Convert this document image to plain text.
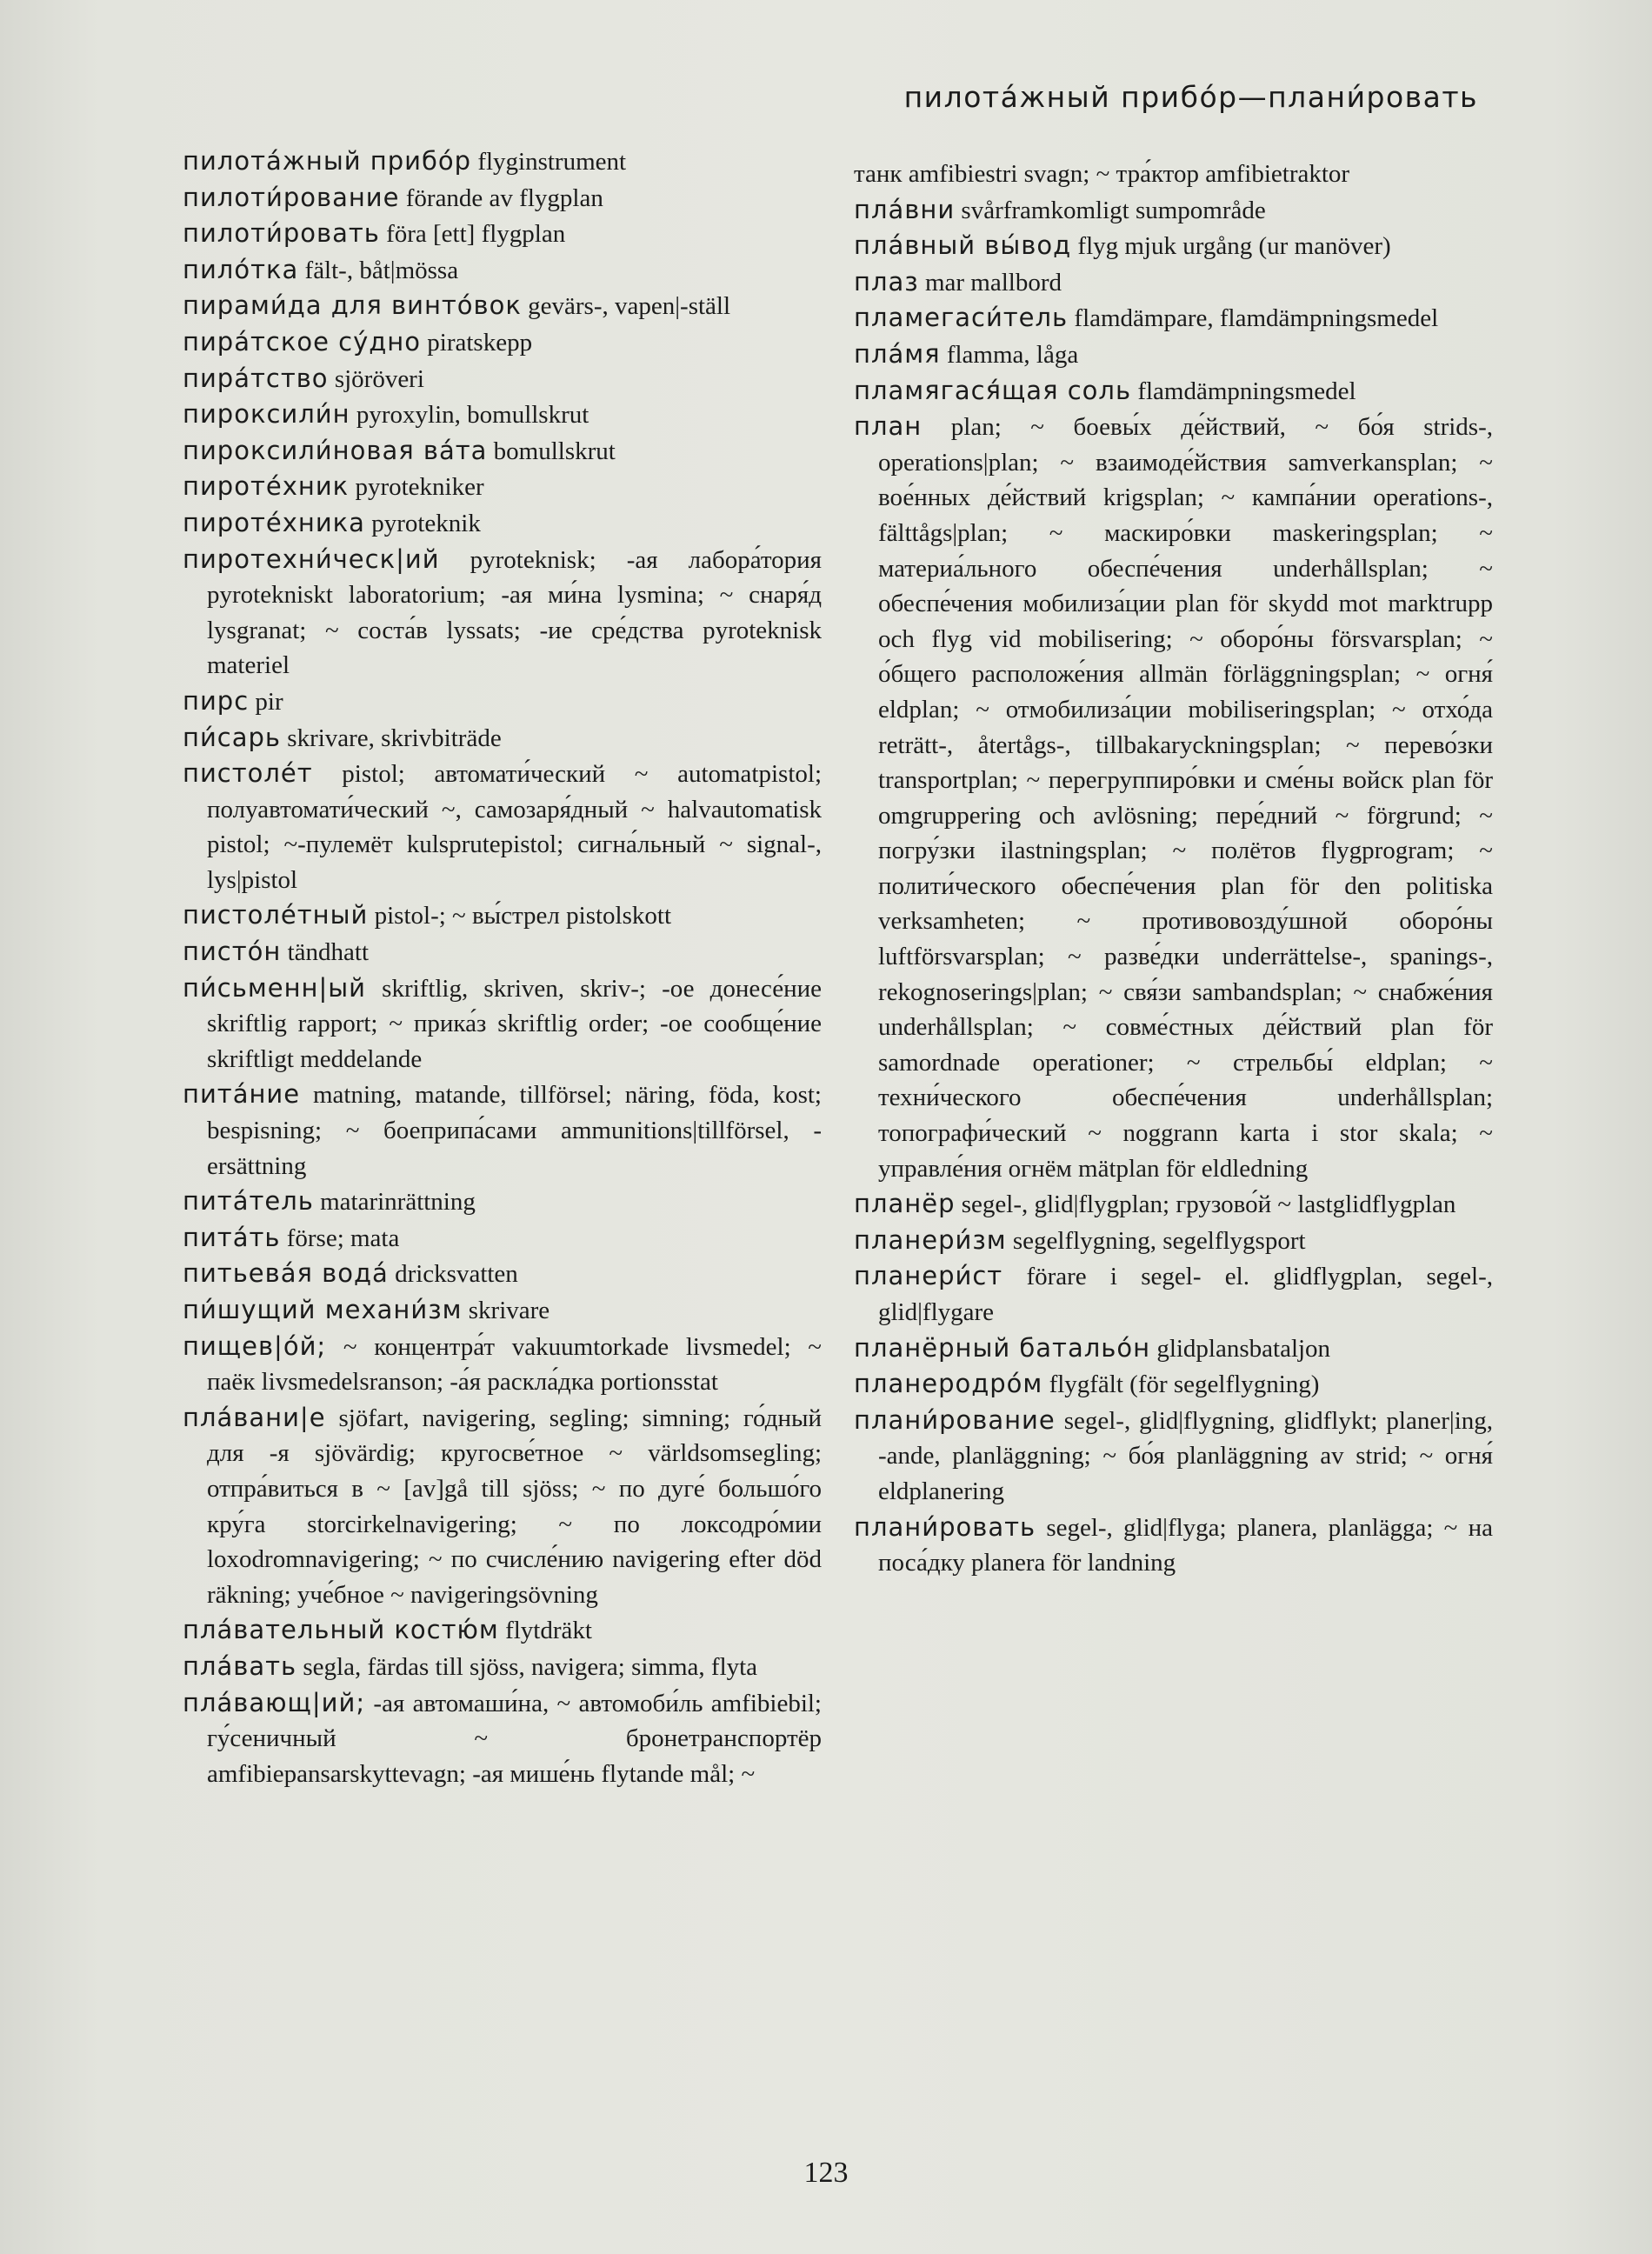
пилота́жный прибо́р—плани́ровать
пилота́жный прибо́р flyginstrument
пилоти́рование förande av flygplan
пилоти́ровать föra [ett] flygplan
пило́тка fält-, båt|mössa
пирами́да для винто́вок gevärs-, vapen|-ställ
пира́тское су́дно piratskepp
пира́тство sjöröveri
пироксили́н pyroxylin, bomullskrut
пироксили́новая ва́та bomullskrut
пироте́хник pyrotekniker
пироте́хника pyroteknik
пиротехни́ческ|ий pyroteknisk; -ая лабора́тория pyrotekniskt laboratorium; -ая ми́на lysmina; ~ снаря́д lysgranat; ~ соста́в lyssats; -ие сре́дства pyroteknisk materiel
пирс pir
пи́сарь skrivare, skrivbiträde
пистоле́т pistol; автомати́ческий ~ automatpistol; полуавтомати́ческий ~, самозаря́дный ~ halvautomatisk pistol; ~-пулемёт kulsprutepistol; сигна́льный ~ signal-, lys|pistol
пистоле́тный pistol-; ~ вы́стрел pistolskott
писто́н tändhatt
пи́сьменн|ый skriftlig, skriven, skriv-; -ое донесе́ние skriftlig rapport; ~ прика́з skriftlig order; -ое сообще́ние skriftligt meddelande
пита́ние matning, matande, tillförsel; näring, föda, kost; bespisning; ~ боеприпа́сами ammunitions|tillförsel, -ersättning
пита́тель matarinrättning
пита́ть förse; mata
питьева́я вода́ dricksvatten
пи́шущий механи́зм skrivare
пищев|о́й; ~ концентра́т vakuumtorkade livsmedel; ~ паёк livsmedelsranson; -а́я раскла́дка portionsstat
пла́вани|е sjöfart, navigering, segling; simning; го́дный для -я sjövärdig; кругосве́тное ~ världsomsegling; отпра́виться в ~ [av]gå till sjöss; ~ по дуге́ большо́го кру́га storcirkelnavigering; ~ по локсодро́мии loxodromnavigering; ~ по счисле́нию navigering efter död räkning; уче́бное ~ navigeringsövning
пла́вательный костю́м flytdräkt
пла́вать segla, färdas till sjöss, navigera; simma, flyta
пла́вающ|ий; -ая автомаши́на, ~ автомоби́ль amfibiebil; гу́сеничный ~ бронетранспортёр amfibiepansarskyttevagn; -ая мише́нь flytande mål; ~
танк amfibiestri svagn; ~ тра́ктор amfibietraktor
пла́вни svårframkomligt sumpområde
пла́вный вы́вод flyg mjuk urgång (ur manöver)
плаз mar mallbord
пламегаси́тель flamdämpare, flamdämpningsmedel
пла́мя flamma, låga
пламягася́щая соль flamdämpningsmedel
план plan; ~ боевы́х де́йствий, ~ бо́я strids-, operations|plan; ~ взаимоде́йствия samverkansplan; ~ вое́нных де́йствий krigsplan; ~ кампа́нии operations-, fälttågs|plan; ~ маскиро́вки maskeringsplan; ~ материа́льного обеспе́чения underhållsplan; ~ обеспе́чения мобилиза́ции plan för skydd mot marktrupp och flyg vid mobilisering; ~ оборо́ны försvarsplan; ~ о́бщего расположе́ния allmän förläggningsplan; ~ огня́ eldplan; ~ отмобилиза́ции mobiliseringsplan; ~ отхо́да reträtt-, återtågs-, tillbakaryckningsplan; ~ перево́зки transportplan; ~ перегруппиро́вки и сме́ны войск plan för omgruppering och avlösning; пере́дний ~ förgrund; ~ погру́зки ilastningsplan; ~ полётов flygprogram; ~ полити́ческого обеспе́чения plan för den politiska verksamheten; ~ противовозду́шной оборо́ны luftförsvarsplan; ~ разве́дки underrättelse-, spanings-, rekognoserings|plan; ~ свя́зи sambandsplan; ~ снабже́ния underhållsplan; ~ совме́стных де́йствий plan för samordnade operationer; ~ стрельбы́ eldplan; ~ техни́ческого обеспе́чения underhållsplan; топографи́ческий ~ noggrann karta i stor skala; ~ управле́ния огнём mätplan för eldledning
планёр segel-, glid|flygplan; грузово́й ~ lastglidflygplan
планери́зм segelflygning, segelflygsport
планери́ст förare i segel- el. glidflygplan, segel-, glid|flygare
планёрный батальо́н glidplansbataljon
планеродро́м flygfält (för segelflygning)
плани́рование segel-, glid|flygning, glidflykt; planer|ing, -ande, planläggning; ~ бо́я planläggning av strid; ~ огня́ eldplanering
плани́ровать segel-, glid|flyga; planera, planlägga; ~ на поса́дку planera för landning
123
